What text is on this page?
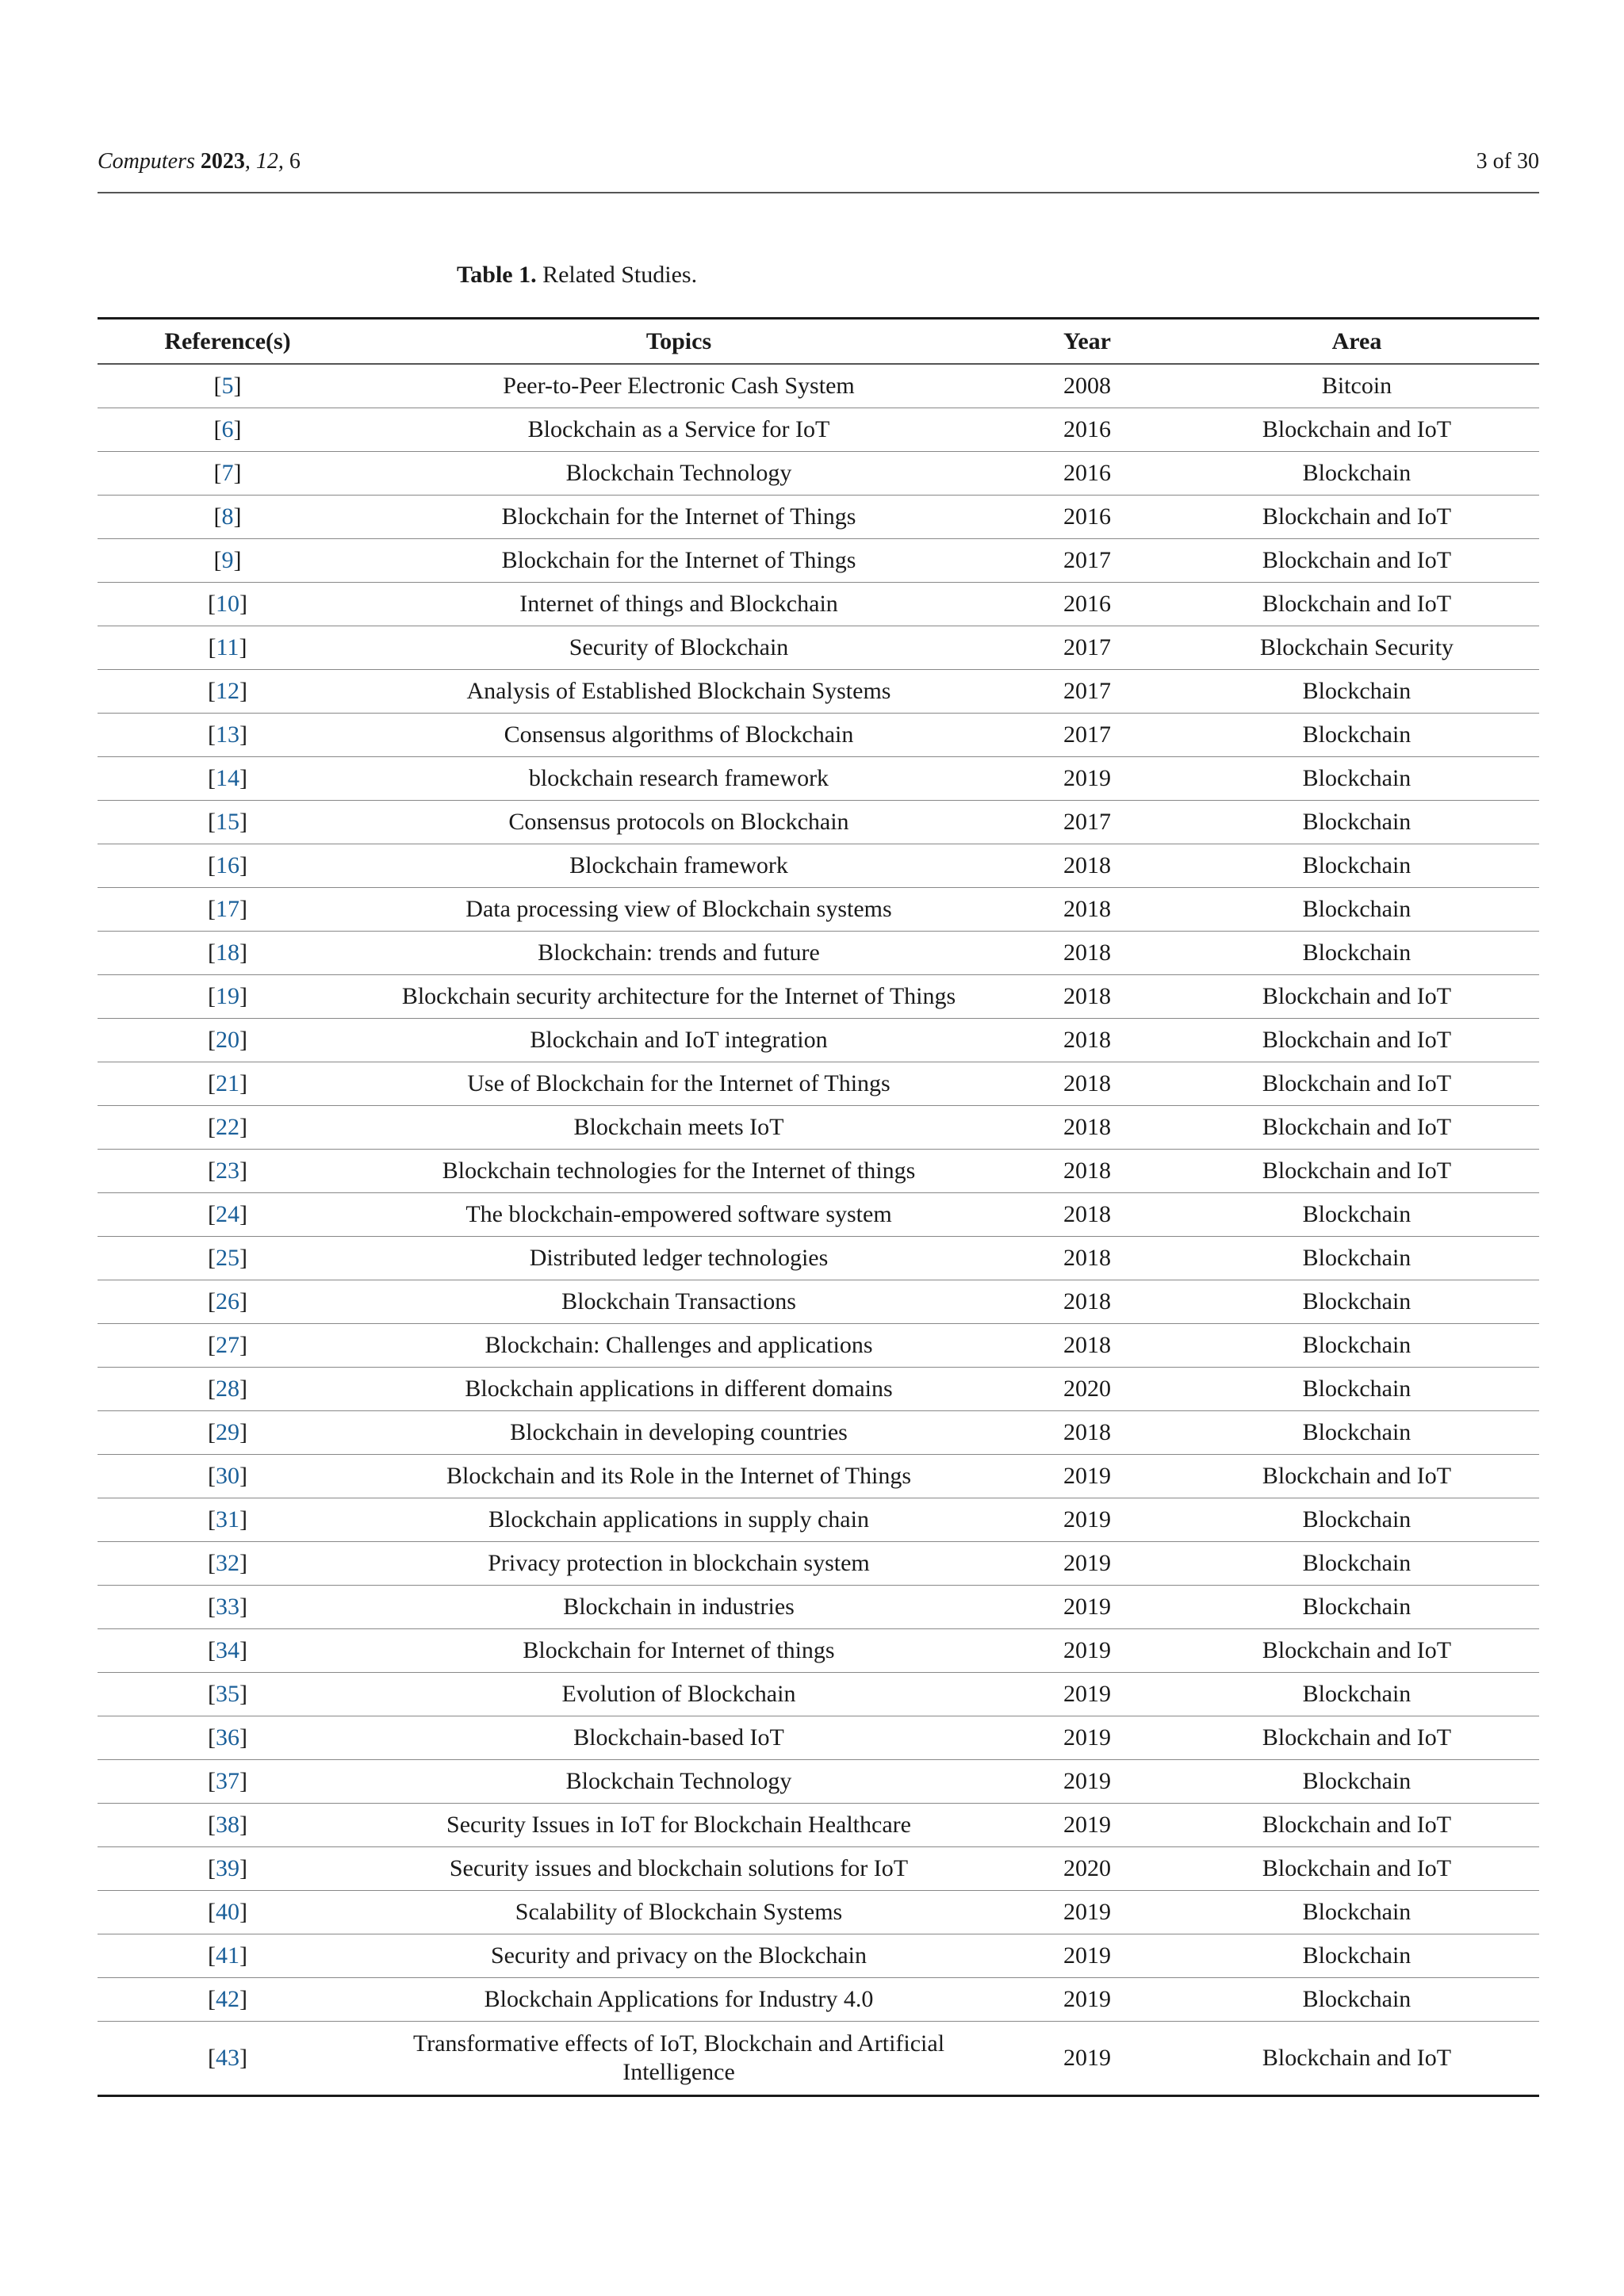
Computers 2023, 12, 6	3 of 30
Table 1. Related Studies.
Reference(s)	Topics	Year	Area
[5]	Peer-to-Peer Electronic Cash System	2008	Bitcoin
[6]	Blockchain as a Service for IoT	2016	Blockchain and IoT
[7]	Blockchain Technology	2016	Blockchain
[8]	Blockchain for the Internet of Things	2016	Blockchain and IoT
[9]	Blockchain for the Internet of Things	2017	Blockchain and IoT
[10]	Internet of things and Blockchain	2016	Blockchain and IoT
[11]	Security of Blockchain	2017	Blockchain Security
[12]	Analysis of Established Blockchain Systems	2017	Blockchain
[13]	Consensus algorithms of Blockchain	2017	Blockchain
[14]	blockchain research framework	2019	Blockchain
[15]	Consensus protocols on Blockchain	2017	Blockchain
[16]	Blockchain framework	2018	Blockchain
[17]	Data processing view of Blockchain systems	2018	Blockchain
[18]	Blockchain: trends and future	2018	Blockchain
[19]	Blockchain security architecture for the Internet of Things	2018	Blockchain and IoT
[20]	Blockchain and IoT integration	2018	Blockchain and IoT
[21]	Use of Blockchain for the Internet of Things	2018	Blockchain and IoT
[22]	Blockchain meets IoT	2018	Blockchain and IoT
[23]	Blockchain technologies for the Internet of things	2018	Blockchain and IoT
[24]	The blockchain-empowered software system	2018	Blockchain
[25]	Distributed ledger technologies	2018	Blockchain
[26]	Blockchain Transactions	2018	Blockchain
[27]	Blockchain: Challenges and applications	2018	Blockchain
[28]	Blockchain applications in different domains	2020	Blockchain
[29]	Blockchain in developing countries	2018	Blockchain
[30]	Blockchain and its Role in the Internet of Things	2019	Blockchain and IoT
[31]	Blockchain applications in supply chain	2019	Blockchain
[32]	Privacy protection in blockchain system	2019	Blockchain
[33]	Blockchain in industries	2019	Blockchain
[34]	Blockchain for Internet of things	2019	Blockchain and IoT
[35]	Evolution of Blockchain	2019	Blockchain
[36]	Blockchain-based IoT	2019	Blockchain and IoT
[37]	Blockchain Technology	2019	Blockchain
[38]	Security Issues in IoT for Blockchain Healthcare	2019	Blockchain and IoT
[39]	Security issues and blockchain solutions for IoT	2020	Blockchain and IoT
[40]	Scalability of Blockchain Systems	2019	Blockchain
[41]	Security and privacy on the Blockchain	2019	Blockchain
[42]	Blockchain Applications for Industry 4.0	2019	Blockchain
[43]	Transformative effects of IoT, Blockchain and Artificial Intelligence	2019	Blockchain and IoT
